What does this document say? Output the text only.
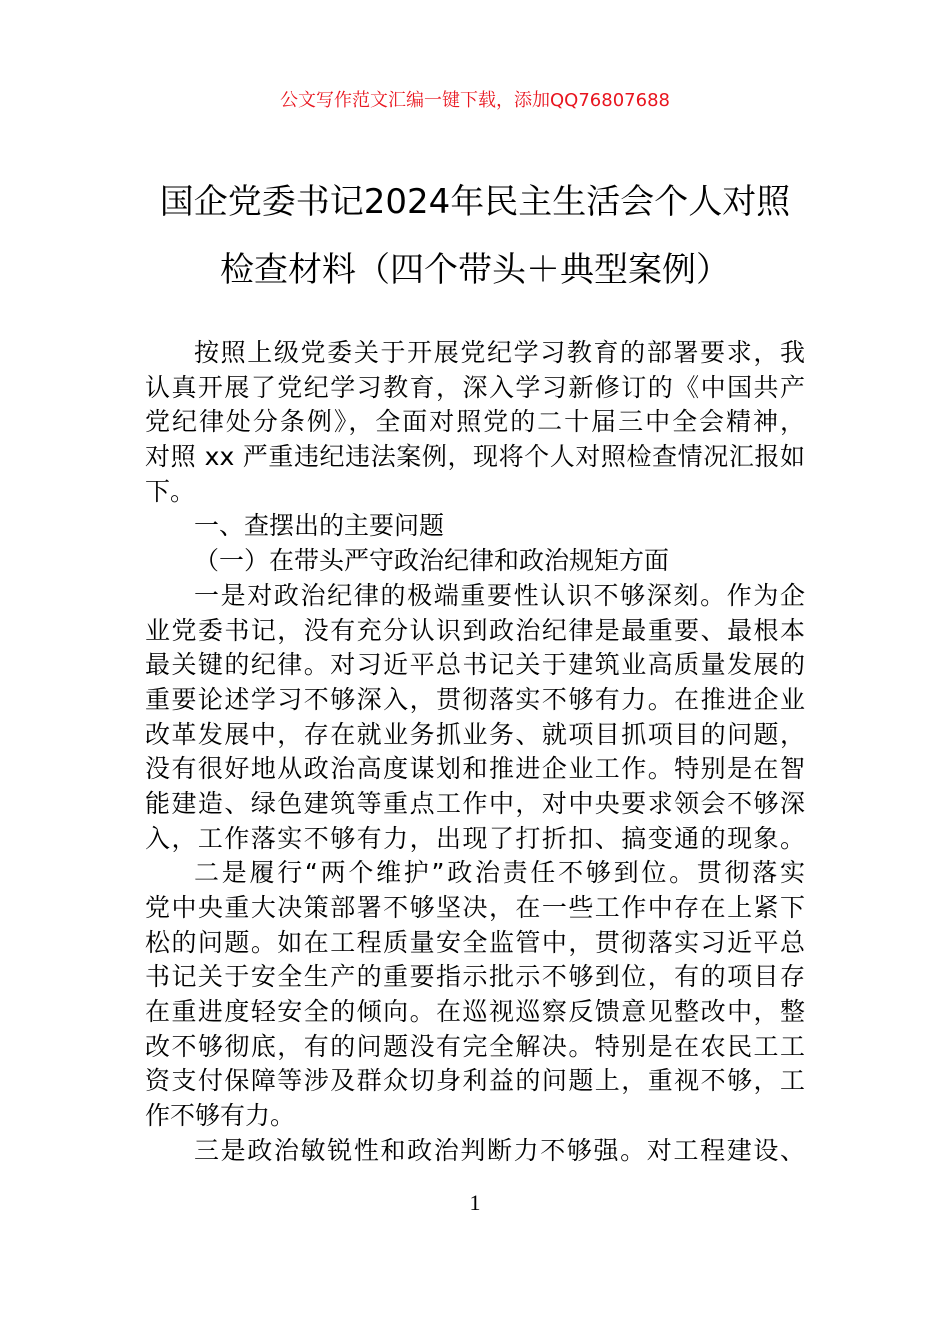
公文写作范文汇编一键下载，添加QQ76807688
国企党委书记2024年民主生活会个人对照
检查材料（四个带头＋典型案例）
按照上级党委关于开展党纪学习教育的部署要求，我
认真开展了党纪学习教育，深入学习新修订的《中国共产
党纪律处分条例》，全面对照党的二十届三中全会精神，
对照 xx 严重违纪违法案例，现将个人对照检查情况汇报如
下。
一、查摆出的主要问题
（一）在带头严守政治纪律和政治规矩方面
一是对政治纪律的极端重要性认识不够深刻。作为企
业党委书记，没有充分认识到政治纪律是最重要、最根本
最关键的纪律。对习近平总书记关于建筑业高质量发展的
重要论述学习不够深入，贯彻落实不够有力。在推进企业
改革发展中，存在就业务抓业务、就项目抓项目的问题，
没有很好地从政治高度谋划和推进企业工作。特别是在智
能建造、绿色建筑等重点工作中，对中央要求领会不够深
入，工作落实不够有力，出现了打折扣、搞变通的现象。
二是履行“两个维护”政治责任不够到位。贯彻落实
党中央重大决策部署不够坚决，在一些工作中存在上紧下
松的问题。如在工程质量安全监管中，贯彻落实习近平总
书记关于安全生产的重要指示批示不够到位，有的项目存
在重进度轻安全的倾向。在巡视巡察反馈意见整改中，整
改不够彻底，有的问题没有完全解决。特别是在农民工工
资支付保障等涉及群众切身利益的问题上，重视不够，工
作不够有力。
三是政治敏锐性和政治判断力不够强。对工程建设、
1
